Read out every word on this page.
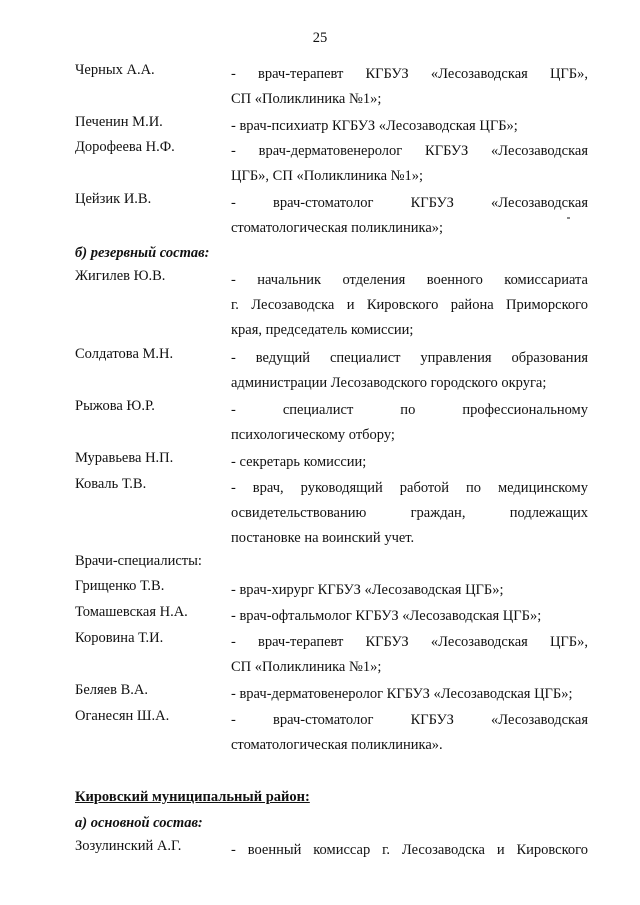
25
Черных А.А.	- врач-терапевт КГБУЗ «Лесозаводская ЦГБ»,
СП «Поликлиника №1»;
Печенин М.И.	- врач-психиатр КГБУЗ «Лесозаводская ЦГБ»;
Дорофеева Н.Ф.	- врач-дерматовенеролог КГБУЗ «Лесозаводская
ЦГБ», СП «Поликлиника №1»;
Цейзик И.В.	- врач-стоматолог КГБУЗ «Лесозаводская
стоматологическая поликлиника»;
б) резервный состав:
Жигилев Ю.В.	- начальник отделения военного комиссариата
г. Лесозаводска и Кировского района Приморского
края, председатель комиссии;
Солдатова М.Н.	- ведущий специалист управления образования
администрации Лесозаводского городского округа;
Рыжова Ю.Р.	- специалист по профессиональному
психологическому отбору;
Муравьева Н.П.	- секретарь комиссии;
Коваль Т.В.	- врач, руководящий работой по медицинскому
освидетельствованию граждан, подлежащих
постановке на воинский учет.
Врачи-специалисты:
Грищенко Т.В.	- врач-хирург КГБУЗ «Лесозаводская ЦГБ»;
Томашевская Н.А.	- врач-офтальмолог КГБУЗ «Лесозаводская ЦГБ»;
Коровина Т.И.	- врач-терапевт КГБУЗ «Лесозаводская ЦГБ»,
СП «Поликлиника №1»;
Беляев В.А.	- врач-дерматовенеролог КГБУЗ «Лесозаводская ЦГБ»;
Оганесян Ш.А.	- врач-стоматолог КГБУЗ «Лесозаводская
стоматологическая поликлиника».
Кировский муниципальный район:
а) основной состав:
Зозулинский А.Г.	- военный комиссар г. Лесозаводска и Кировского
